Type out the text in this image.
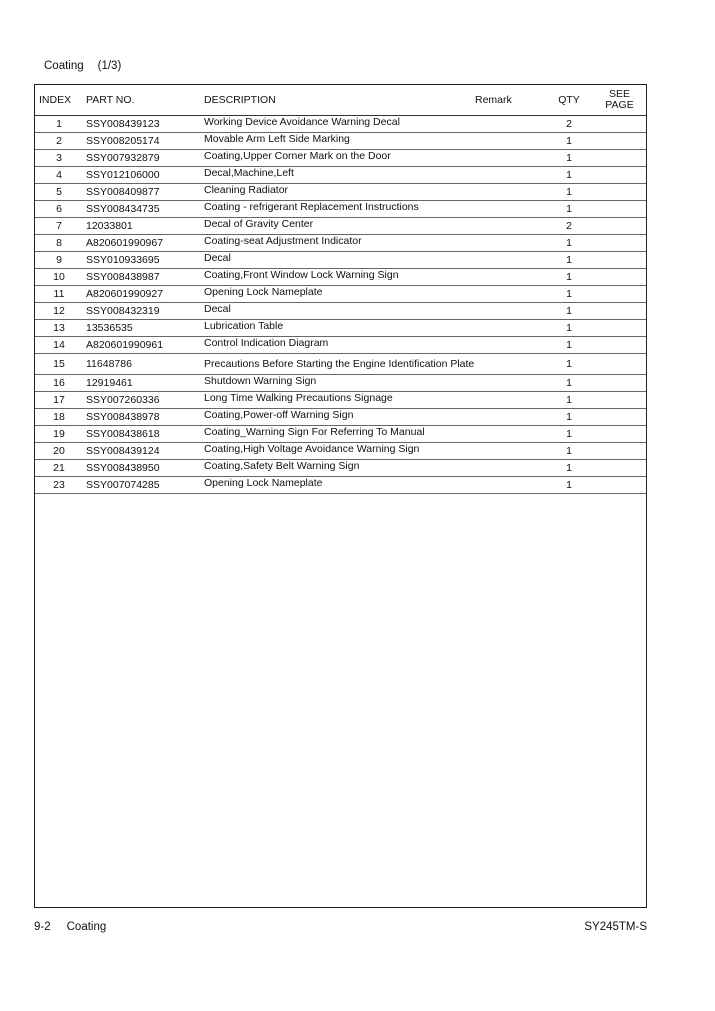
Coating (1/3)
INDEX	PART NO.	DESCRIPTION	Remark	QTY	SEE
PAGE
1	SSY008439123	Working Device Avoidance Warning Decal		2	
2	SSY008205174	Movable Arm Left Side Marking		1	
3	SSY007932879	Coating,Upper Corner Mark on the Door		1	
4	SSY012106000	Decal,Machine,Left		1	
5	SSY008409877	Cleaning Radiator		1	
6	SSY008434735	Coating - refrigerant Replacement Instructions		1	
7	12033801	Decal of Gravity Center		2	
8	A820601990967	Coating-seat Adjustment Indicator		1	
9	SSY010933695	Decal		1	
10	SSY008438987	Coating,Front Window Lock Warning Sign		1	
11	A820601990927	Opening Lock Nameplate		1	
12	SSY008432319	Decal		1	
13	13536535	Lubrication Table		1	
14	A820601990961	Control Indication Diagram		1	
15	11648786	Precautions Before Starting the Engine Identification Plate		1	
16	12919461	Shutdown Warning Sign		1	
17	SSY007260336	Long Time Walking Precautions Signage		1	
18	SSY008438978	Coating,Power-off Warning Sign		1	
19	SSY008438618	Coating_Warning Sign For Referring To Manual		1	
20	SSY008439124	Coating,High Voltage Avoidance Warning Sign		1	
21	SSY008438950	Coating,Safety Belt Warning Sign		1	
23	SSY007074285	Opening Lock Nameplate		1	
9-2 Coating	SY245TM-S
